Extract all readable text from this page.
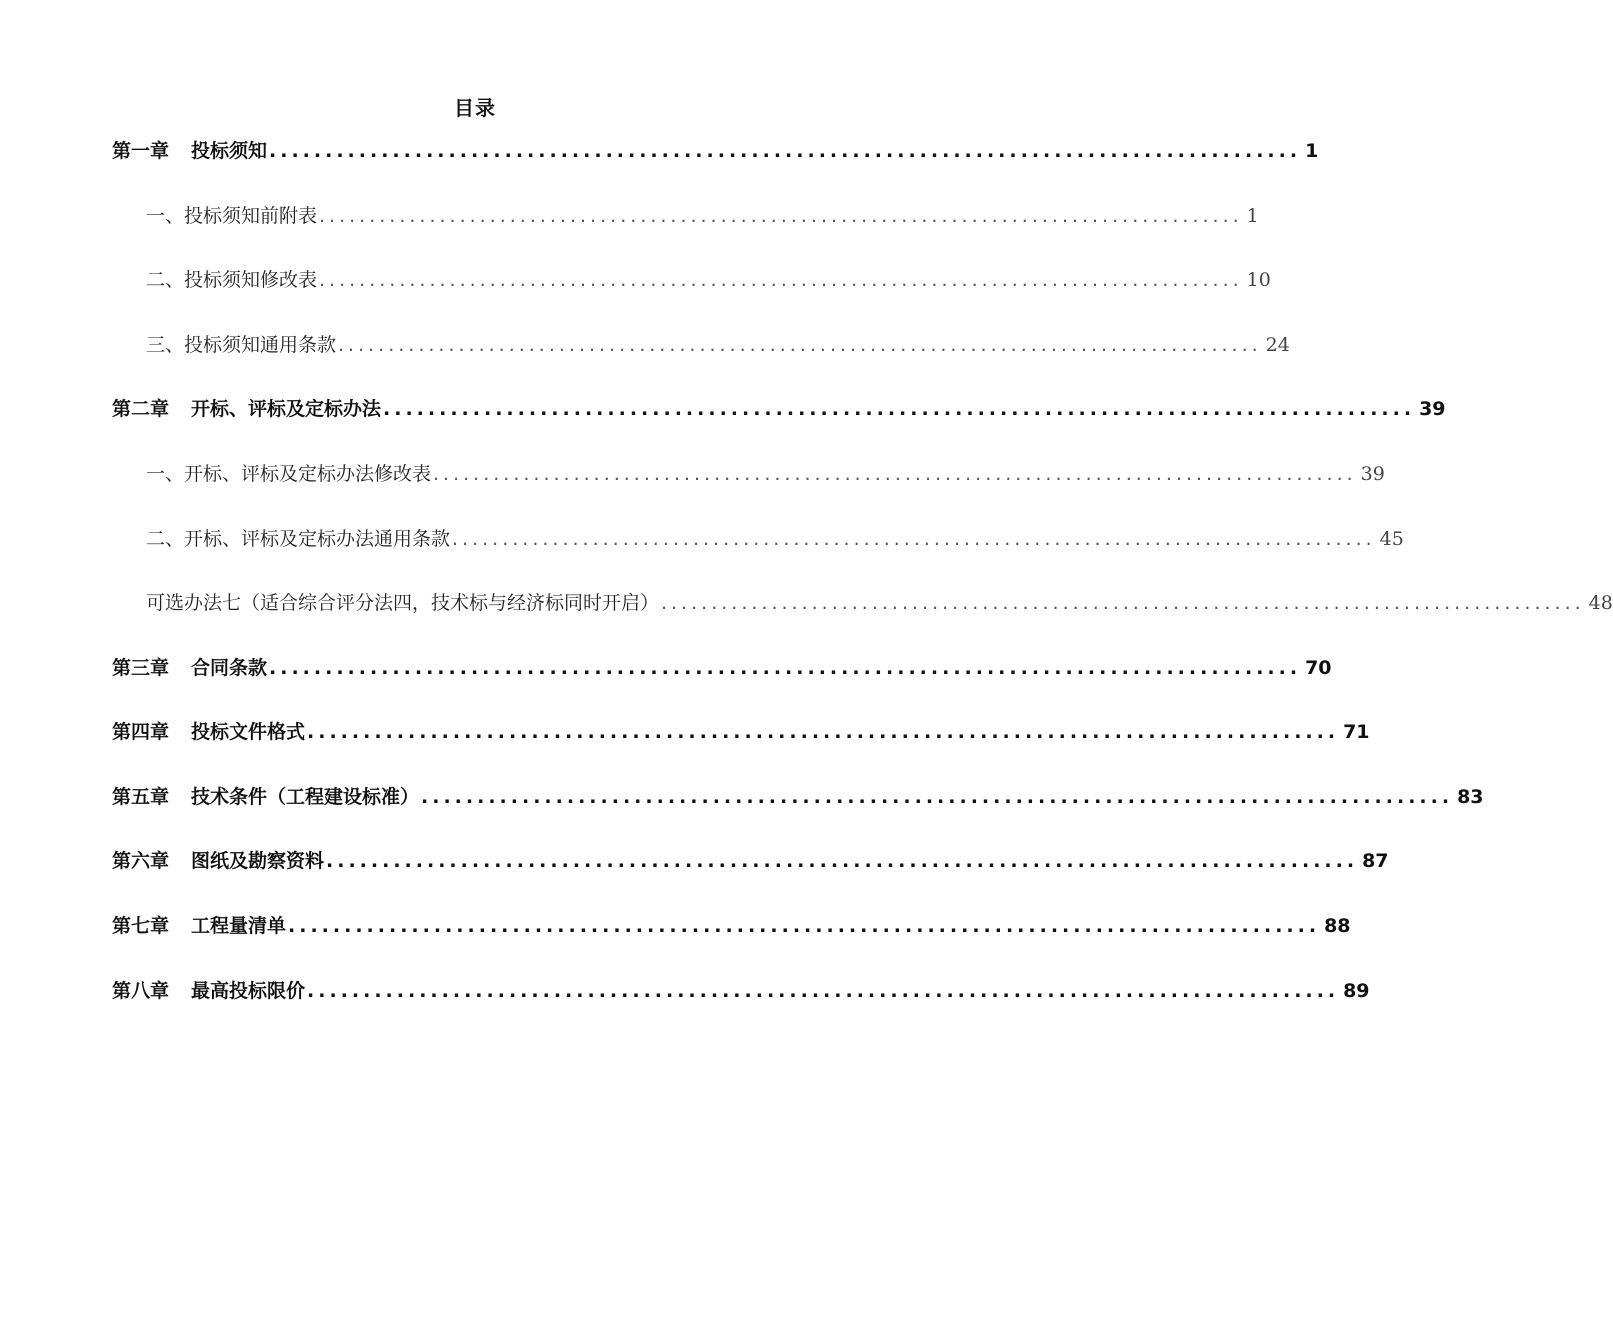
目录
第一章 投标须知 ............................................................................................ 1
一、投标须知前附表 ............................................................................................ 1
二、投标须知修改表 ............................................................................................ 10
三、投标须知通用条款 ............................................................................................ 24
第二章 开标、评标及定标办法 ............................................................................................ 39
一、开标、评标及定标办法修改表 ............................................................................................ 39
二、开标、评标及定标办法通用条款 ............................................................................................ 45
可选办法七（适合综合评分法四，技术标与经济标同时开启） ............................................................................................ 48
第三章 合同条款 ............................................................................................ 70
第四章 投标文件格式 ............................................................................................ 71
第五章 技术条件（工程建设标准） ............................................................................................ 83
第六章 图纸及勘察资料 ............................................................................................ 87
第七章 工程量清单 ............................................................................................ 88
第八章 最高投标限价 ............................................................................................ 89
